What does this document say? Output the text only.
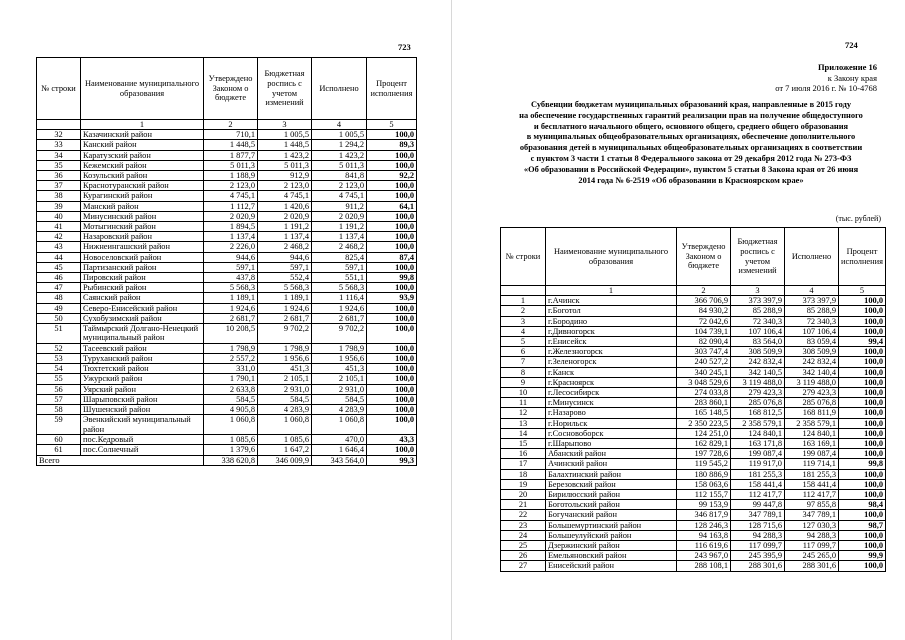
723
№ строки	Наименование муниципального образования	Утверждено Законом о бюджете	Бюджетная роспись с учетом изменений	Исполнено	Процент исполнения
	1	2	3	4	5
32	Казачинский район	710,1	1 005,5	1 005,5	100,0
33	Канский район	1 448,5	1 448,5	1 294,2	89,3
34	Каратузский район	1 877,7	1 423,2	1 423,2	100,0
35	Кежемский район	5 011,3	5 011,3	5 011,3	100,0
36	Козульский район	1 188,9	912,9	841,8	92,2
37	Краснотуранский район	2 123,0	2 123,0	2 123,0	100,0
38	Курагинский район	4 745,1	4 745,1	4 745,1	100,0
39	Манский район	1 112,7	1 420,6	911,2	64,1
40	Минусинский район	2 020,9	2 020,9	2 020,9	100,0
41	Мотыгинский район	1 894,5	1 191,2	1 191,2	100,0
42	Назаровский район	1 137,4	1 137,4	1 137,4	100,0
43	Нижнеингашский район	2 226,0	2 468,2	2 468,2	100,0
44	Новоселовский район	944,6	944,6	825,4	87,4
45	Партизанский район	597,1	597,1	597,1	100,0
46	Пировский район	437,8	552,4	551,1	99,8
47	Рыбинский район	5 568,3	5 568,3	5 568,3	100,0
48	Саянский район	1 189,1	1 189,1	1 116,4	93,9
49	Северо-Енисейский район	1 924,6	1 924,6	1 924,6	100,0
50	Сухобузимский район	2 681,7	2 681,7	2 681,7	100,0
51	Таймырский Долгано-Ненецкий муниципальный район	10 208,5	9 702,2	9 702,2	100,0
52	Тасеевский район	1 798,9	1 798,9	1 798,9	100,0
53	Туруханский район	2 557,2	1 956,6	1 956,6	100,0
54	Тюхтетский район	331,0	451,3	451,3	100,0
55	Ужурский район	1 790,1	2 105,1	2 105,1	100,0
56	Уярский район	2 633,8	2 931,0	2 931,0	100,0
57	Шарыповский район	584,5	584,5	584,5	100,0
58	Шушенский район	4 905,8	4 283,9	4 283,9	100,0
59	Эвенкийский муниципальный район	1 060,8	1 060,8	1 060,8	100,0
60	пос.Кедровый	1 085,6	1 085,6	470,0	43,3
61	пос.Солнечный	1 379,6	1 647,2	1 646,4	100,0
Всего		338 620,8	346 009,9	343 564,0	99,3
724
Приложение 16
к Закону края
от 7 июля 2016 г. № 10-4768
Субвенции бюджетам муниципальных образований края, направленные в 2015 году
на обеспечение государственных гарантий реализации прав на получение общедоступного
и бесплатного начального общего, основного общего, среднего общего образования
в муниципальных общеобразовательных организациях, обеспечение дополнительного
образования детей в муниципальных общеобразовательных организациях в соответствии
с пунктом 3 части 1 статьи 8 Федерального закона от 29 декабря 2012 года № 273-ФЗ
«Об образовании в Российской Федерации», пунктом 5 статьи 8 Закона края от 26 июня
2014 года № 6-2519 «Об образовании в Красноярском крае»
(тыс. рублей)
№ строки	Наименование муниципального образования	Утверждено Законом о бюджете	Бюджетная роспись с учетом изменений	Исполнено	Процент исполнения
	1	2	3	4	5
1	г.Ачинск	366 706,9	373 397,9	373 397,9	100,0
2	г.Боготол	84 930,2	85 288,9	85 288,9	100,0
3	г.Бородино	72 042,6	72 340,3	72 340,3	100,0
4	г.Дивногорск	104 739,1	107 106,4	107 106,4	100,0
5	г.Енисейск	82 090,4	83 564,0	83 059,4	99,4
6	г.Железногорск	303 747,4	308 509,9	308 509,9	100,0
7	г.Зеленогорск	240 527,2	242 832,4	242 832,4	100,0
8	г.Канск	340 245,1	342 140,5	342 140,4	100,0
9	г.Красноярск	3 048 529,6	3 119 488,0	3 119 488,0	100,0
10	г.Лесосибирск	274 033,8	279 423,3	279 423,3	100,0
11	г.Минусинск	283 860,1	285 076,8	285 076,8	100,0
12	г.Назарово	165 148,5	168 812,5	168 811,9	100,0
13	г.Норильск	2 350 223,5	2 358 579,1	2 358 579,1	100,0
14	г.Сосновоборск	124 251,0	124 840,1	124 840,1	100,0
15	г.Шарыпово	162 829,1	163 171,8	163 169,1	100,0
16	Абанский район	197 728,6	199 087,4	199 087,4	100,0
17	Ачинский район	119 545,2	119 917,0	119 714,1	99,8
18	Балахтинский район	180 886,9	181 255,3	181 255,3	100,0
19	Березовский район	158 063,6	158 441,4	158 441,4	100,0
20	Бирилюсский район	112 155,7	112 417,7	112 417,7	100,0
21	Боготольский район	99 153,9	99 447,8	97 855,8	98,4
22	Богучанский район	346 817,9	347 789,1	347 789,1	100,0
23	Большемуртинский район	128 246,3	128 715,6	127 030,3	98,7
24	Большеулуйский район	94 163,8	94 288,3	94 288,3	100,0
25	Дзержинский район	116 619,6	117 099,7	117 099,7	100,0
26	Емельяновский район	243 967,0	245 395,9	245 265,0	99,9
27	Енисейский район	288 108,1	288 301,6	288 301,6	100,0
